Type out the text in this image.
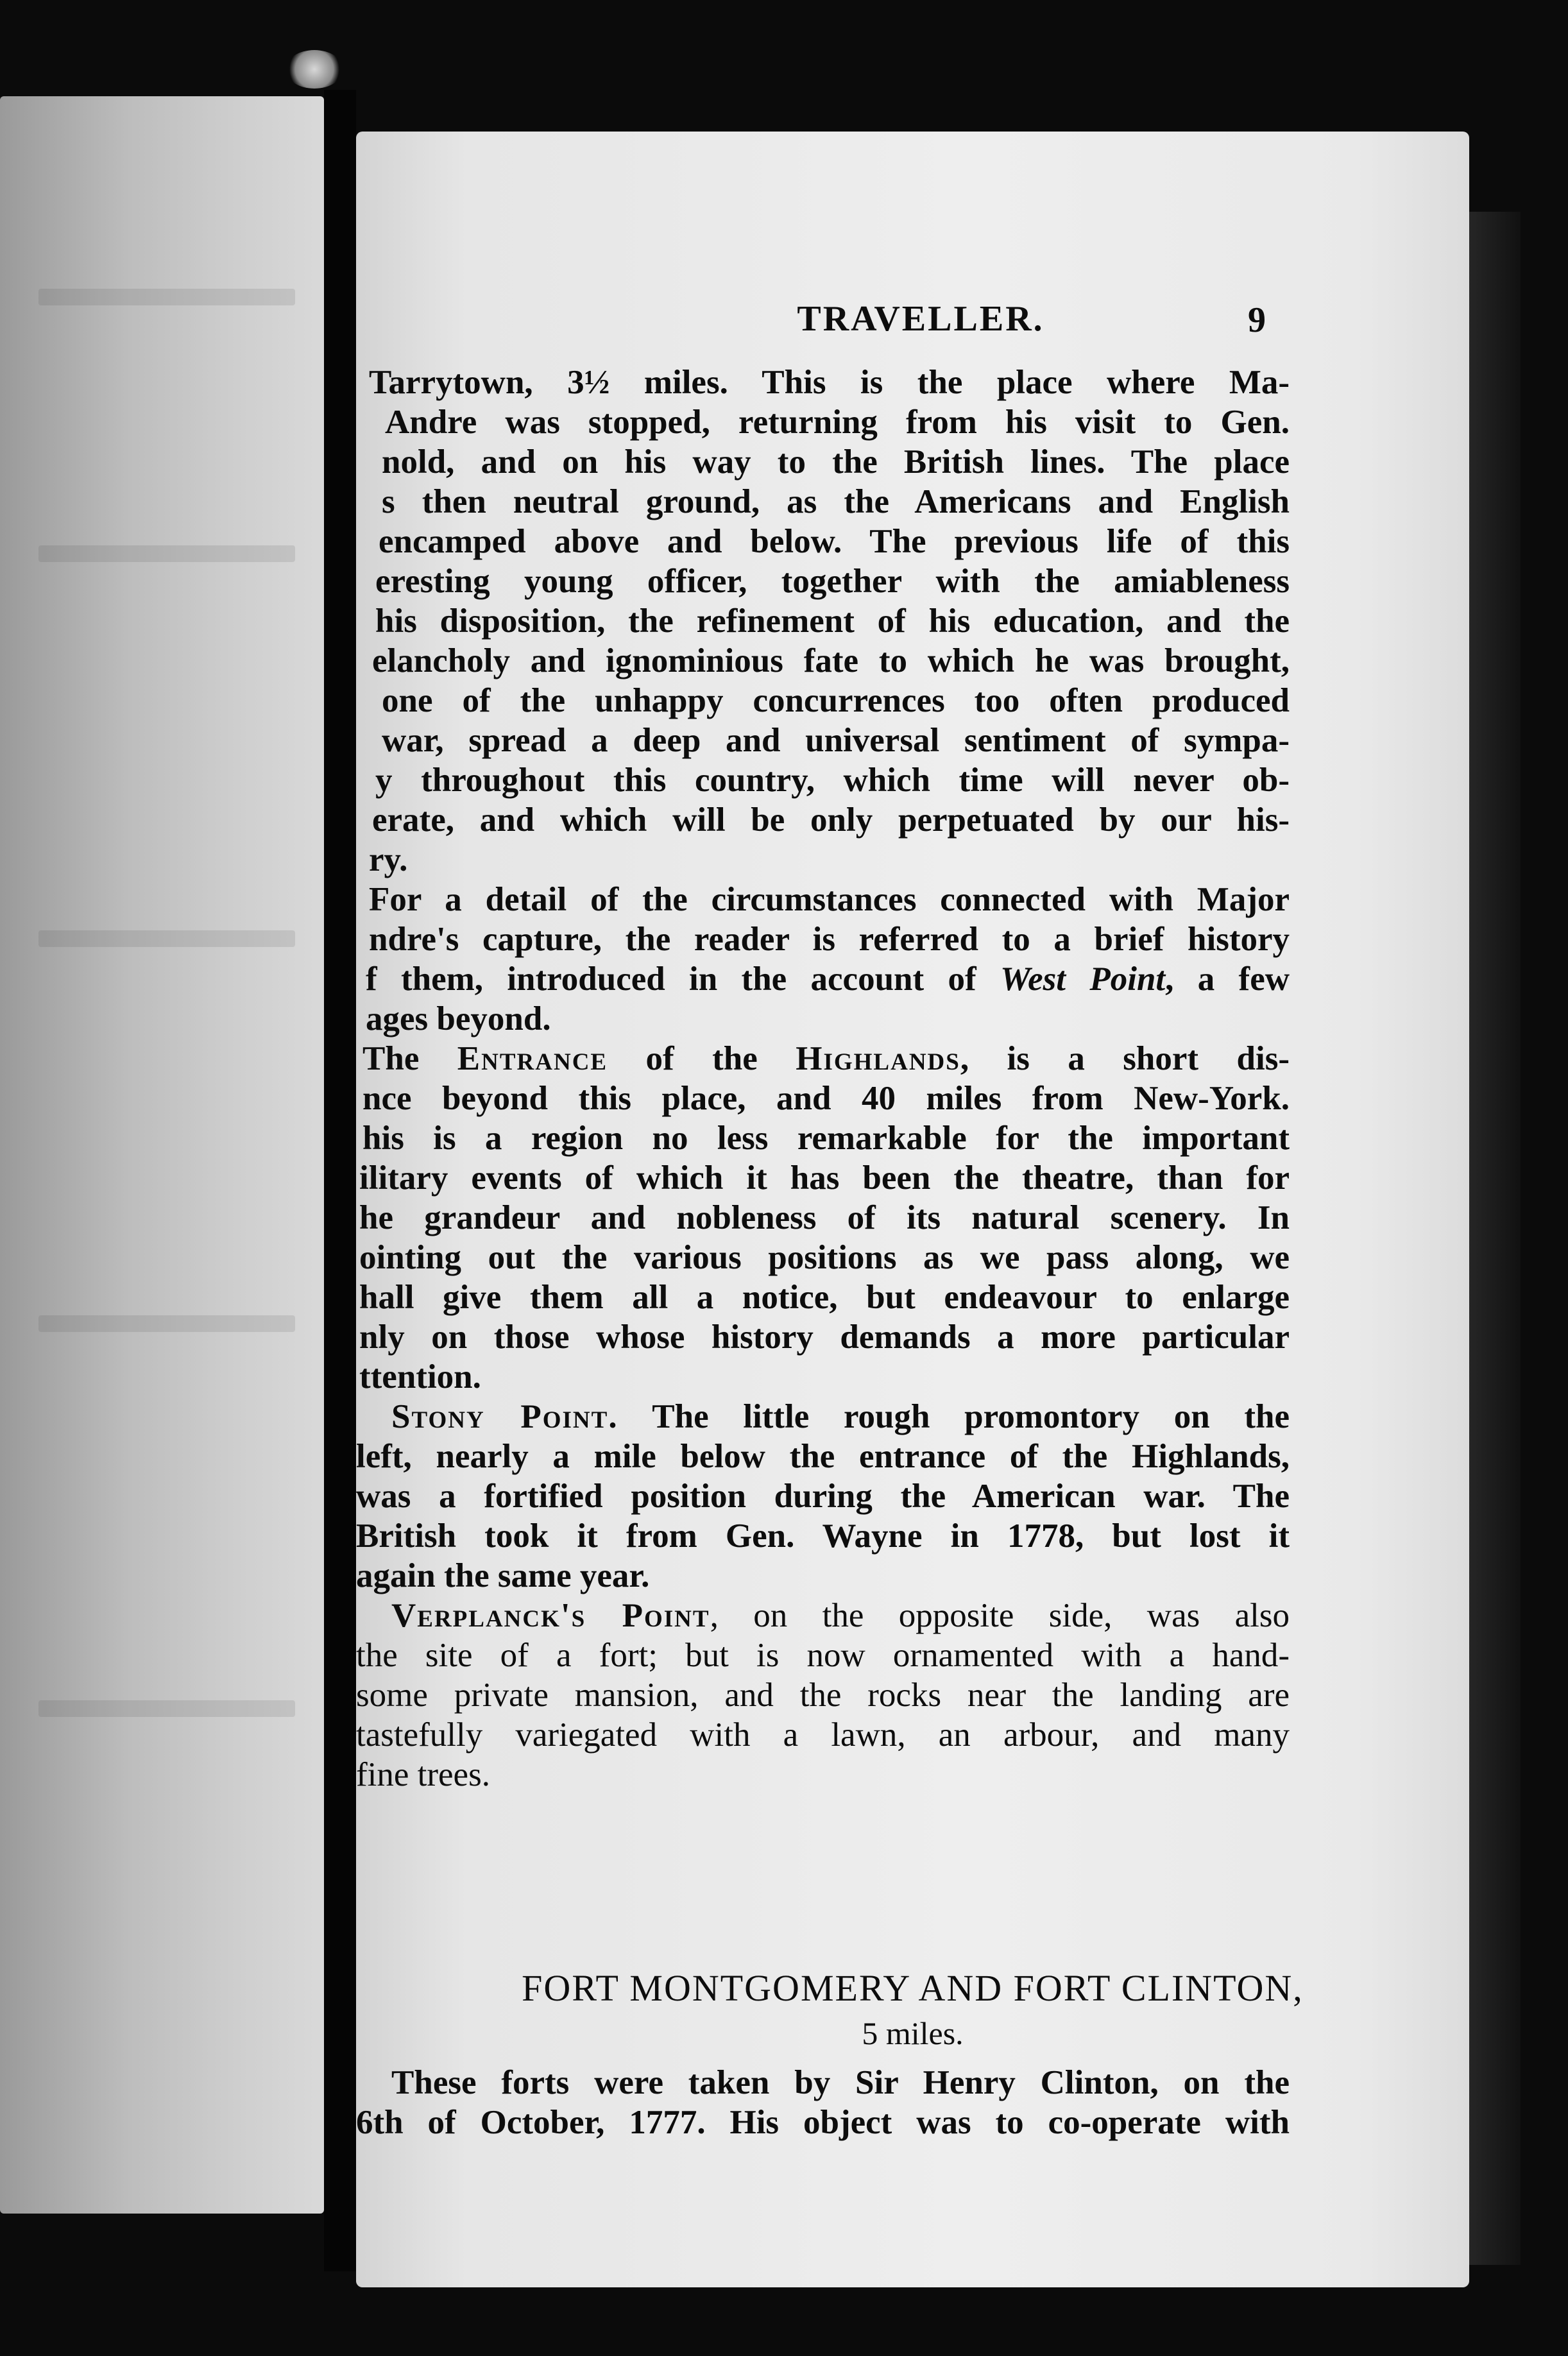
TRAVELLER.	9
Tarrytown, 3½ miles. This is the place where Ma-
Andre was stopped, returning from his visit to Gen.
nold, and on his way to the British lines. The place
s then neutral ground, as the Americans and English
encamped above and below. The previous life of this
eresting young officer, together with the amiableness
his disposition, the refinement of his education, and the
elancholy and ignominious fate to which he was brought,
one of the unhappy concurrences too often produced
war, spread a deep and universal sentiment of sympa-
y throughout this country, which time will never ob-
erate, and which will be only perpetuated by our his-
ry.
For a detail of the circumstances connected with Major
ndre's capture, the reader is referred to a brief history
f them, introduced in the account of West Point, a few
ages beyond.
The Entrance of the Highlands, is a short dis-
nce beyond this place, and 40 miles from New-York.
his is a region no less remarkable for the important
ilitary events of which it has been the theatre, than for
he grandeur and nobleness of its natural scenery. In
ointing out the various positions as we pass along, we
hall give them all a notice, but endeavour to enlarge
nly on those whose history demands a more particular
ttention.
Stony Point. The little rough promontory on the
left, nearly a mile below the entrance of the Highlands,
was a fortified position during the American war. The
British took it from Gen. Wayne in 1778, but lost it
again the same year.
Verplanck's Point, on the opposite side, was also
the site of a fort; but is now ornamented with a hand-
some private mansion, and the rocks near the landing are
tastefully variegated with a lawn, an arbour, and many
fine trees.
FORT MONTGOMERY AND FORT CLINTON,
5 miles.
These forts were taken by Sir Henry Clinton, on the
6th of October, 1777. His object was to co-operate with
